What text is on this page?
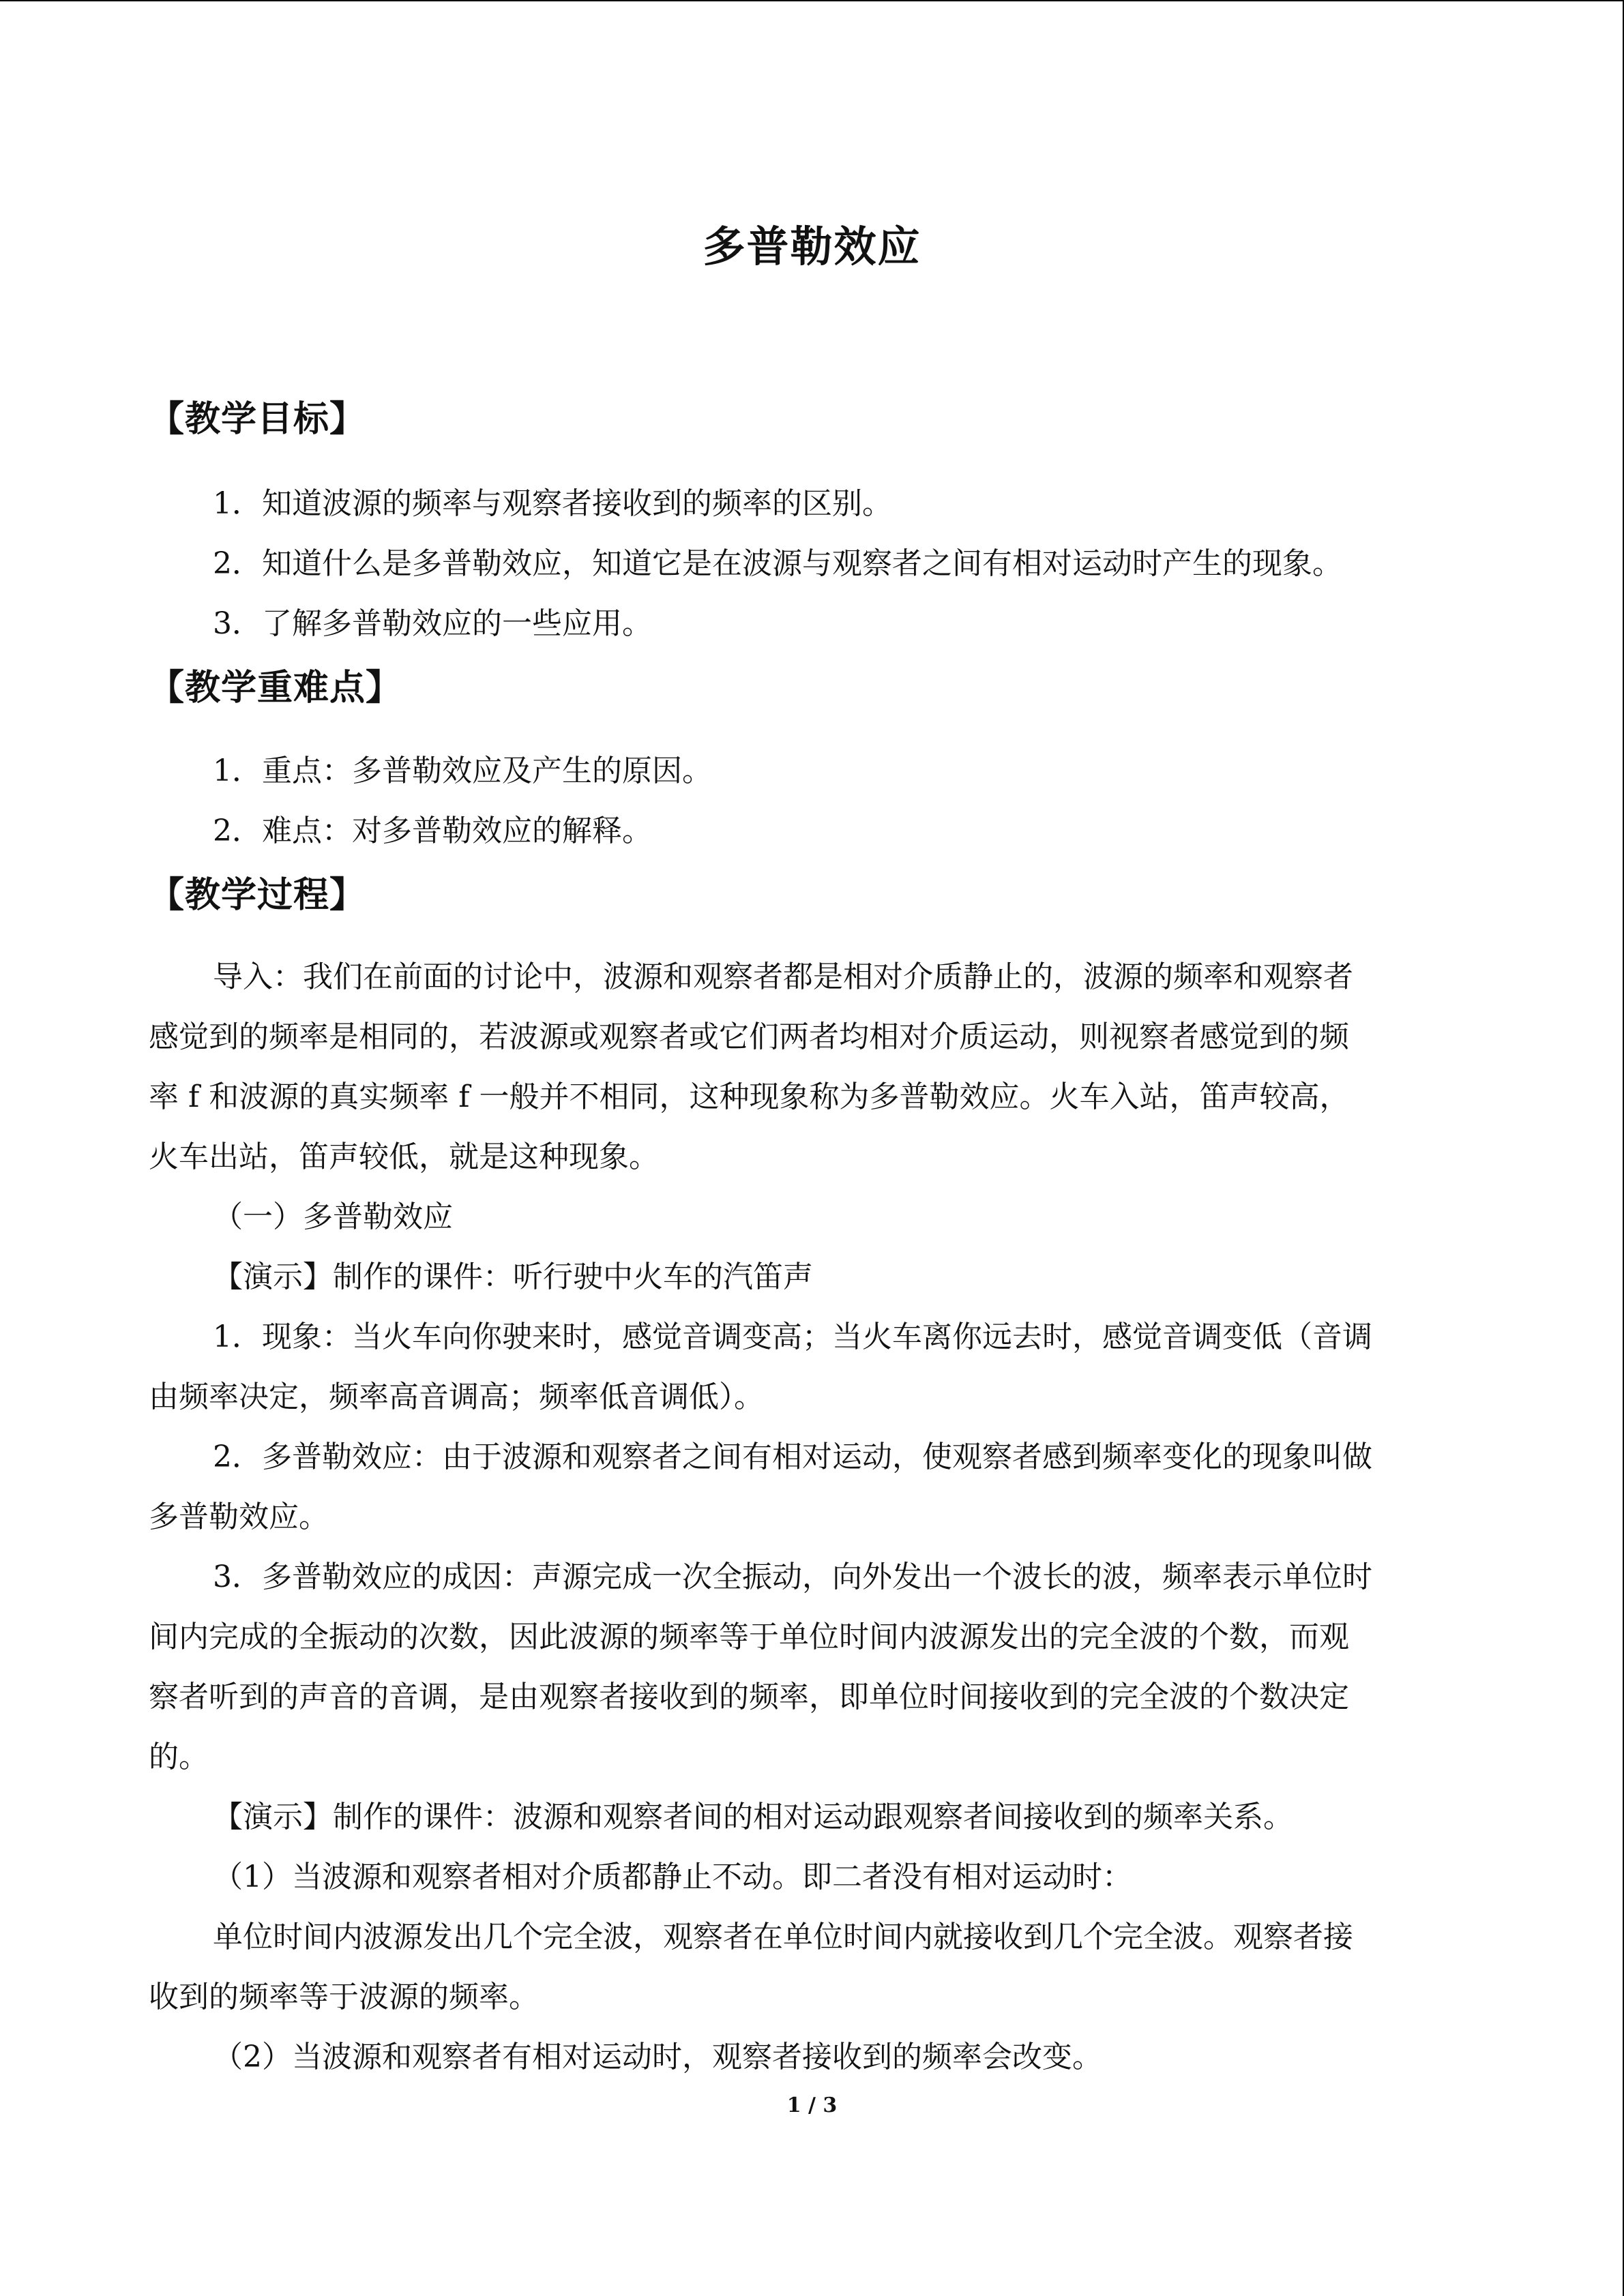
多普勒效应
【教学目标】
1．知道波源的频率与观察者接收到的频率的区别。
2．知道什么是多普勒效应，知道它是在波源与观察者之间有相对运动时产生的现象。
3．了解多普勒效应的一些应用。
【教学重难点】
1．重点：多普勒效应及产生的原因。
2．难点：对多普勒效应的解释。
【教学过程】
导入：我们在前面的讨论中，波源和观察者都是相对介质静止的，波源的频率和观察者
感觉到的频率是相同的，若波源或观察者或它们两者均相对介质运动，则视察者感觉到的频
率 f 和波源的真实频率 f 一般并不相同，这种现象称为多普勒效应。火车入站，笛声较高，
火车出站，笛声较低，就是这种现象。
（一）多普勒效应
【演示】制作的课件：听行驶中火车的汽笛声
1．现象：当火车向你驶来时，感觉音调变高；当火车离你远去时，感觉音调变低（音调
由频率决定，频率高音调高；频率低音调低）。
2．多普勒效应：由于波源和观察者之间有相对运动，使观察者感到频率变化的现象叫做
多普勒效应。
3．多普勒效应的成因：声源完成一次全振动，向外发出一个波长的波，频率表示单位时
间内完成的全振动的次数，因此波源的频率等于单位时间内波源发出的完全波的个数，而观
察者听到的声音的音调，是由观察者接收到的频率，即单位时间接收到的完全波的个数决定
的。
【演示】制作的课件：波源和观察者间的相对运动跟观察者间接收到的频率关系。
（1）当波源和观察者相对介质都静止不动。即二者没有相对运动时：
单位时间内波源发出几个完全波，观察者在单位时间内就接收到几个完全波。观察者接
收到的频率等于波源的频率。
（2）当波源和观察者有相对运动时，观察者接收到的频率会改变。
1 / 3
